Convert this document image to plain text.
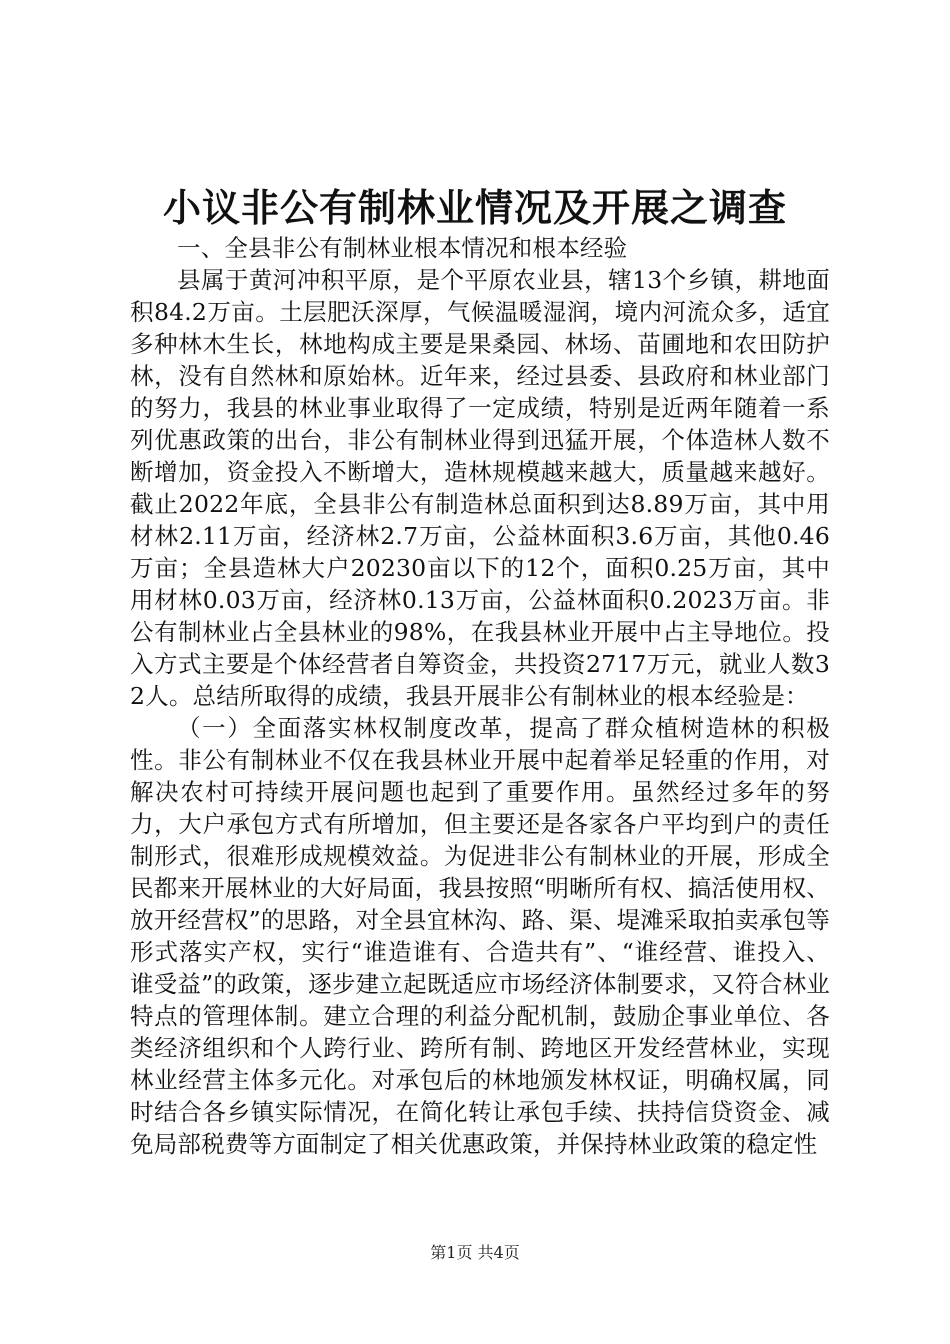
小议非公有制林业情况及开展之调查

一、全县非公有制林业根本情况和根本经验

县属于黄河冲积平原，是个平原农业县，辖13个乡镇，耕地面积84.2万亩。土层肥沃深厚，气候温暖湿润，境内河流众多，适宜多种林木生长，林地构成主要是果桑园、林场、苗圃地和农田防护林，没有自然林和原始林。近年来，经过县委、县政府和林业部门的努力，我县的林业事业取得了一定成绩，特别是近两年随着一系列优惠政策的出台，非公有制林业得到迅猛开展，个体造林人数不断增加，资金投入不断增大，造林规模越来越大，质量越来越好。截止2022年底，全县非公有制造林总面积到达8.89万亩，其中用材林2.11万亩，经济林2.7万亩，公益林面积3.6万亩，其他0.46万亩；全县造林大户20230亩以下的12个，面积0.25万亩，其中用材林0.03万亩，经济林0.13万亩，公益林面积0.2023万亩。非公有制林业占全县林业的98%，在我县林业开展中占主导地位。投入方式主要是个体经营者自筹资金，共投资2717万元，就业人数32人。总结所取得的成绩，我县开展非公有制林业的根本经验是：

（一）全面落实林权制度改革，提高了群众植树造林的积极性。非公有制林业不仅在我县林业开展中起着举足轻重的作用，对解决农村可持续开展问题也起到了重要作用。虽然经过多年的努力，大户承包方式有所增加，但主要还是各家各户平均到户的责任制形式，很难形成规模效益。为促进非公有制林业的开展，形成全民都来开展林业的大好局面，我县按照“明晰所有权、搞活使用权、放开经营权”的思路，对全县宜林沟、路、渠、堤滩采取拍卖承包等形式落实产权，实行“谁造谁有、合造共有”、“谁经营、谁投入、谁受益”的政策，逐步建立起既适应市场经济体制要求，又符合林业特点的管理体制。建立合理的利益分配机制，鼓励企事业单位、各类经济组织和个人跨行业、跨所有制、跨地区开发经营林业，实现林业经营主体多元化。对承包后的林地颁发林权证，明确权属，同时结合各乡镇实际情况，在简化转让承包手续、扶持信贷资金、减免局部税费等方面制定了相关优惠政策，并保持林业政策的稳定性

第1页 共4页
